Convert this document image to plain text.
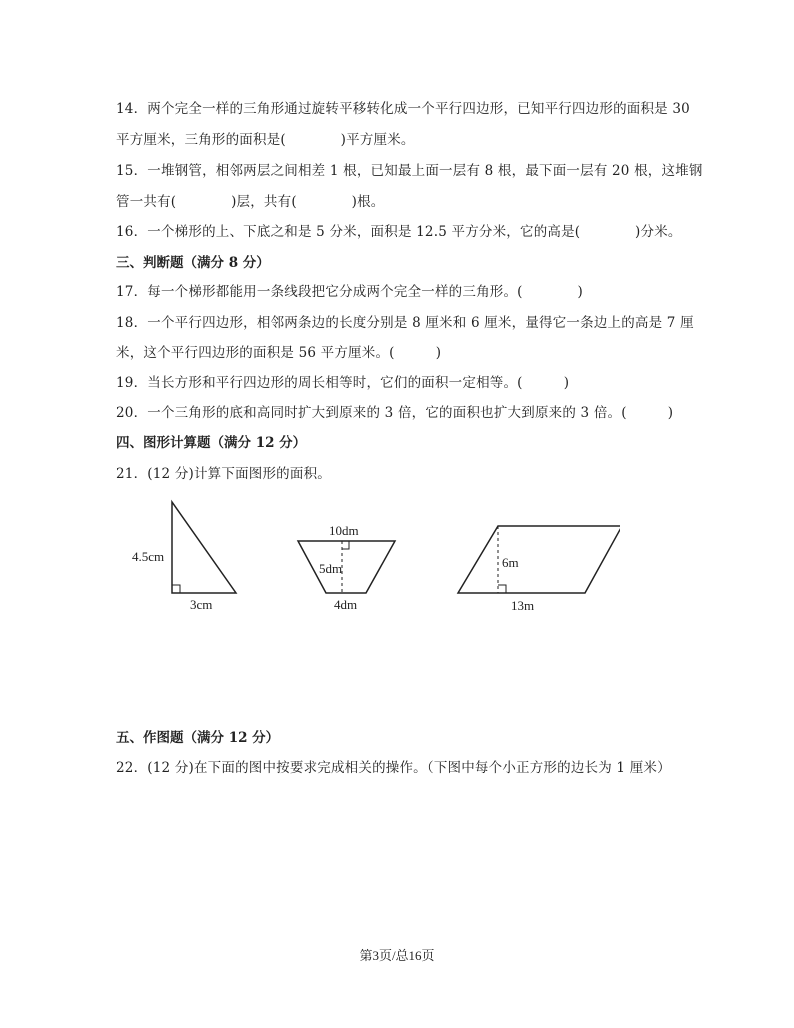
14．两个完全一样的三角形通过旋转平移转化成一个平行四边形，已知平行四边形的面积是 30
平方厘米，三角形的面积是(　　　　)平方厘米。
15．一堆钢管，相邻两层之间相差 1 根，已知最上面一层有 8 根，最下面一层有 20 根，这堆钢
管一共有(　　　　)层，共有(　　　　)根。
16．一个梯形的上、下底之和是 5 分米，面积是 12.5 平方分米，它的高是(　　　　)分米。
三、判断题（满分 8 分）
17．每一个梯形都能用一条线段把它分成两个完全一样的三角形。(　　　　)
18．一个平行四边形，相邻两条边的长度分别是 8 厘米和 6 厘米，量得它一条边上的高是 7 厘
米，这个平行四边形的面积是 56 平方厘米。(　　　)
19．当长方形和平行四边形的周长相等时，它们的面积一定相等。(　　　)
20．一个三角形的底和高同时扩大到原来的 3 倍，它的面积也扩大到原来的 3 倍。(　　　)
四、图形计算题（满分 12 分）
21．(12 分)计算下面图形的面积。
4.5cm
3cm
10dm
5dm
4dm
6m
13m
五、作图题（满分 12 分）
22．(12 分)在下面的图中按要求完成相关的操作。（下图中每个小正方形的边长为 1 厘米）
第3页/总16页
